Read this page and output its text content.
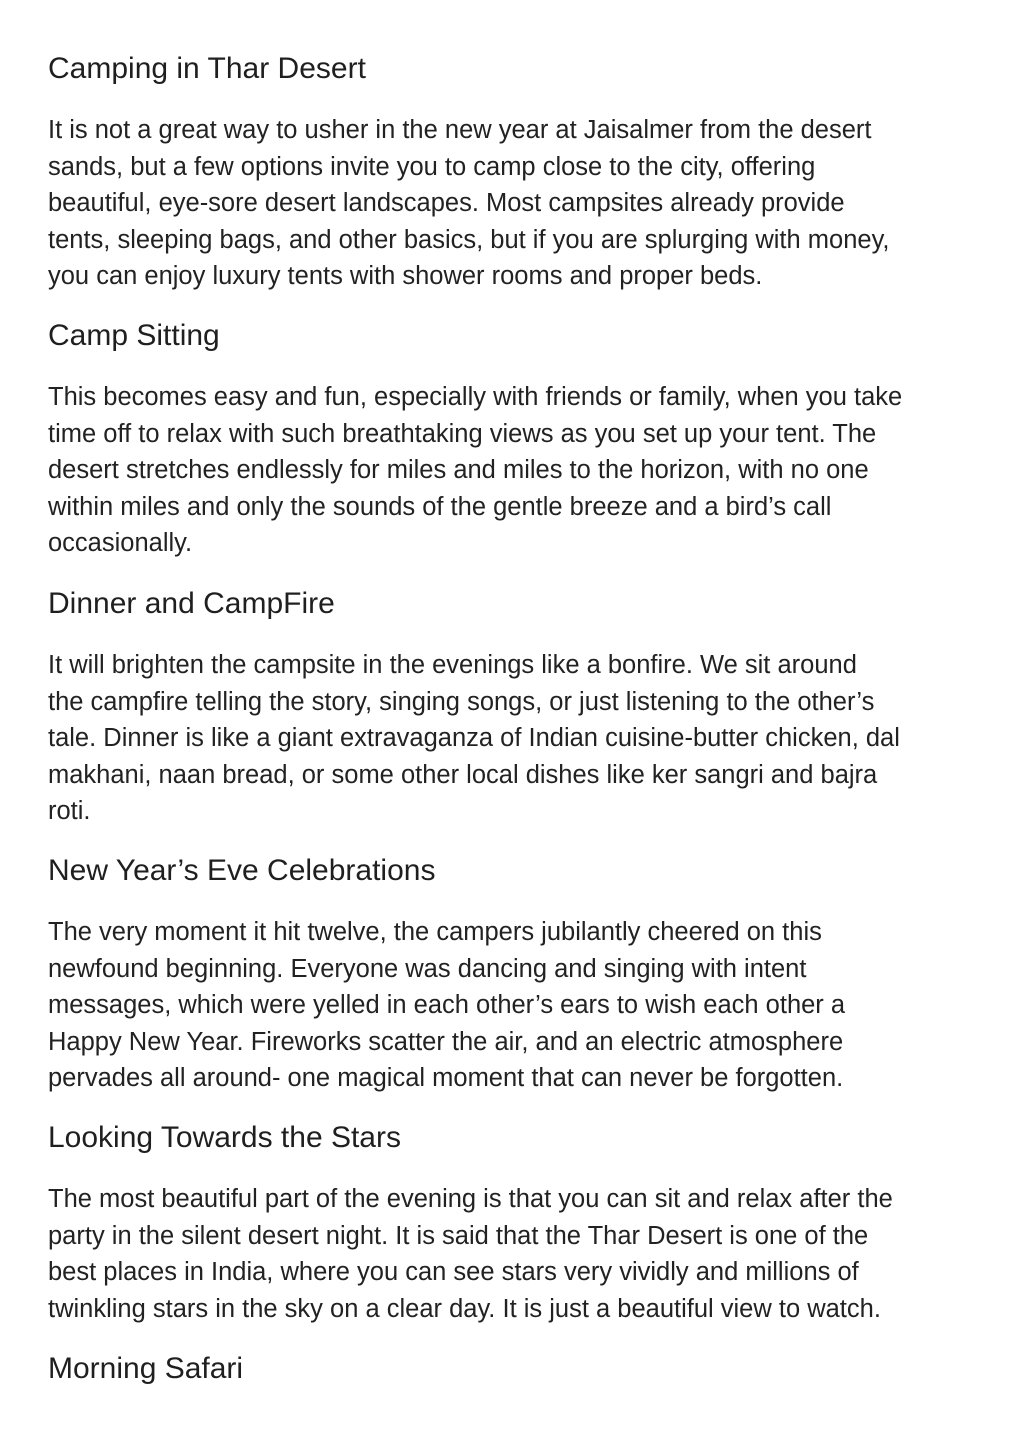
Camping in Thar Desert

It is not a great way to usher in the new year at Jaisalmer from the desert
sands, but a few options invite you to camp close to the city, offering
beautiful, eye-sore desert landscapes. Most campsites already provide
tents, sleeping bags, and other basics, but if you are splurging with money,
you can enjoy luxury tents with shower rooms and proper beds.

Camp Sitting

This becomes easy and fun, especially with friends or family, when you take
time off to relax with such breathtaking views as you set up your tent. The
desert stretches endlessly for miles and miles to the horizon, with no one
within miles and only the sounds of the gentle breeze and a bird’s call
occasionally.

Dinner and CampFire

It will brighten the campsite in the evenings like a bonfire. We sit around
the campfire telling the story, singing songs, or just listening to the other’s
tale. Dinner is like a giant extravaganza of Indian cuisine-butter chicken, dal
makhani, naan bread, or some other local dishes like ker sangri and bajra
roti.

New Year’s Eve Celebrations

The very moment it hit twelve, the campers jubilantly cheered on this
newfound beginning. Everyone was dancing and singing with intent
messages, which were yelled in each other’s ears to wish each other a
Happy New Year. Fireworks scatter the air, and an electric atmosphere
pervades all around- one magical moment that can never be forgotten.

Looking Towards the Stars

The most beautiful part of the evening is that you can sit and relax after the
party in the silent desert night. It is said that the Thar Desert is one of the
best places in India, where you can see stars very vividly and millions of
twinkling stars in the sky on a clear day. It is just a beautiful view to watch.

Morning Safari
